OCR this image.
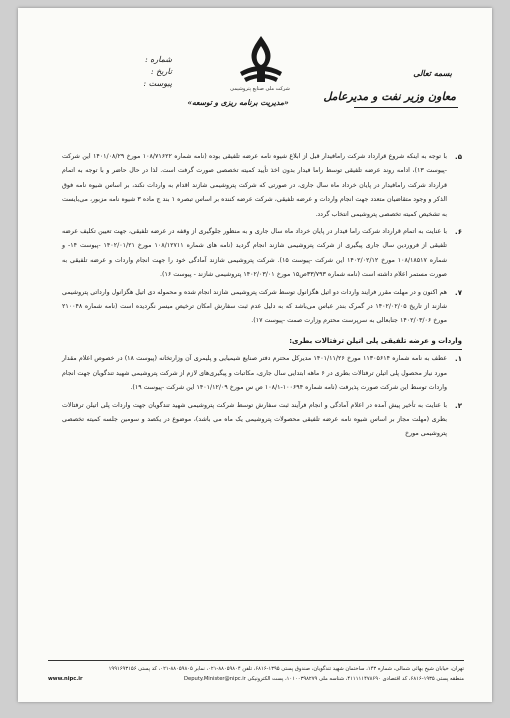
شماره :
تاریخ :
پیوست :
شرکت ملی صنایع پتروشیمی
«مدیریت برنامه ریزی و توسعه»
بسمه تعالی
معاون وزیر نفت و مدیرعامل
۵.
با توجه به اینکه شروع قرارداد شرکت رامافیدار قبل از ابلاغ شیوه نامه عرضه تلفیقی بوده (نامه شماره ۱۰۸/۷۱۶۲۲ مورخ ۱۴۰۱/۰۸/۲۹ این شرکت -پیوست ۱۳)، ادامه روند عرضه تلفیقی توسط راما فیدار بدون اخذ تأیید کمیته تخصصی صورت گرفت است. لذا در حال حاضر و با توجه به اتمام قرارداد شرکت رامافیدار در پایان خرداد ماه سال جاری، در صورتی که شرکت پتروشیمی شازند اقدام به واردات نکند، بر اساس شیوه نامه فوق الذکر و وجود متقاضیان متعدد جهت انجام واردات و عرضه تلفیقی، شرکت عرضه کننده بر اساس تبصره ۱ بند ج ماده ۳ شیوه نامه مزبور، می‌بایست به تشخیص کمیته تخصصی پتروشیمی انتخاب گردد.
۶.
با عنایت به اتمام قرارداد شرکت راما فیدار در پایان خرداد ماه سال جاری و به منظور جلوگیری از وقفه در عرضه تلفیقی، جهت تعیین تکلیف عرضه تلفیقی از فروردین سال جاری پیگیری از شرکت پتروشیمی شازند انجام گردید (نامه های شماره ۱۰۸/۱۲۷۱۱ مورخ ۱۴۰۲/۰۱/۲۱ -پیوست ۱۴- و شماره ۱۰۸/۱۸۵۱۷ مورخ ۱۴۰۲/۰۲/۱۲ این شرکت -پیوست ۱۵). شرکت پتروشیمی شازند آمادگی خود را جهت انجام واردات و عرضه تلفیقی به صورت مستمر اعلام داشته است (نامه شماره ۳۳/۷۹۳ص۱۵ مورخ ۱۴۰۲/۰۳/۰۱ پتروشیمی شازند - پیوست ۱۶).
۷.
هم اکنون و در مهلت مقرر فرایند واردات دو اتیل هگزانول توسط شرکت پتروشیمی شازند انجام شده و محموله دی اتیل هگزانول وارداتی پتروشیمی شازند از تاریخ ۱۴۰۲/۰۲/۰۵ در گمرک بندر عباس می‌باشد که به دلیل عدم ثبت سفارش امکان ترخیص میسر نگردیده است (نامه شماره ۲۱۰۰۴۸ مورخ ۱۴۰۲/۰۳/۰۶ جنابعالی به سرپرست محترم وزارت صمت -پیوست ۱۷).
واردات و عرضه تلفیقی پلی اتیلن ترفتالات بطری:
۱.
عطف به نامه شماره ۱۱۳۰۵۶۱۴ مورخ ۱۴۰۱/۱۱/۲۶ مدیرکل محترم دفتر صنایع شیمیایی و پلیمری آن وزارتخانه (پیوست ۱۸) در خصوص اعلام مقدار مورد نیاز محصول پلی اتیلن ترفتالات بطری در ۶ ماهه ابتدایی سال جاری، مکاتبات و پیگیری‌های لازم از شرکت پتروشیمی شهید تندگویان جهت انجام واردات توسط این شرکت صورت پذیرفت (نامه شماره ۱۰۰۶۹۴-۱۰۸/۱ ص س مورخ ۱۴۰۱/۱۲/۰۹ این شرکت -پیوست ۱۹).
۲.
با عنایت به تأخیر پیش آمده در اعلام آمادگی و انجام فرآیند ثبت سفارش توسط شرکت پتروشیمی شهید تندگویان جهت واردات پلی اتیلن ترفتالات بطری (مهلت مجاز بر اساس شیوه نامه عرضه تلفیقی محصولات پتروشیمی یک ماه می باشد)، موضوع در یکصد و سومین جلسه کمیته تخصصی پتروشیمی مورخ
تهران، خیابان شیخ بهائی شمالی، شماره ۱۴۳، ساختمان شهید تندگویان، صندوق پستی ۱۳۹۵-۶۸۱۶، تلفن ۸۸۰۵۹۸۰۴-۰۲۱، نمابر ۸۸۰۵۹۸۰۵-۰۲۱، کد پستی ۱۹۹۱۶۹۳۱۵۶
منطقه پستی ۱۹۳۵-۶۸۱۶، کد اقتصادی ۴۱۱۱۱۱۴۷۸۶۹۰، شناسه ملی ۱۰۱۰۰۳۹۸۲۷۹، پست الکترونیکی Deputy.Minister@nipc.ir
www.nipc.ir
